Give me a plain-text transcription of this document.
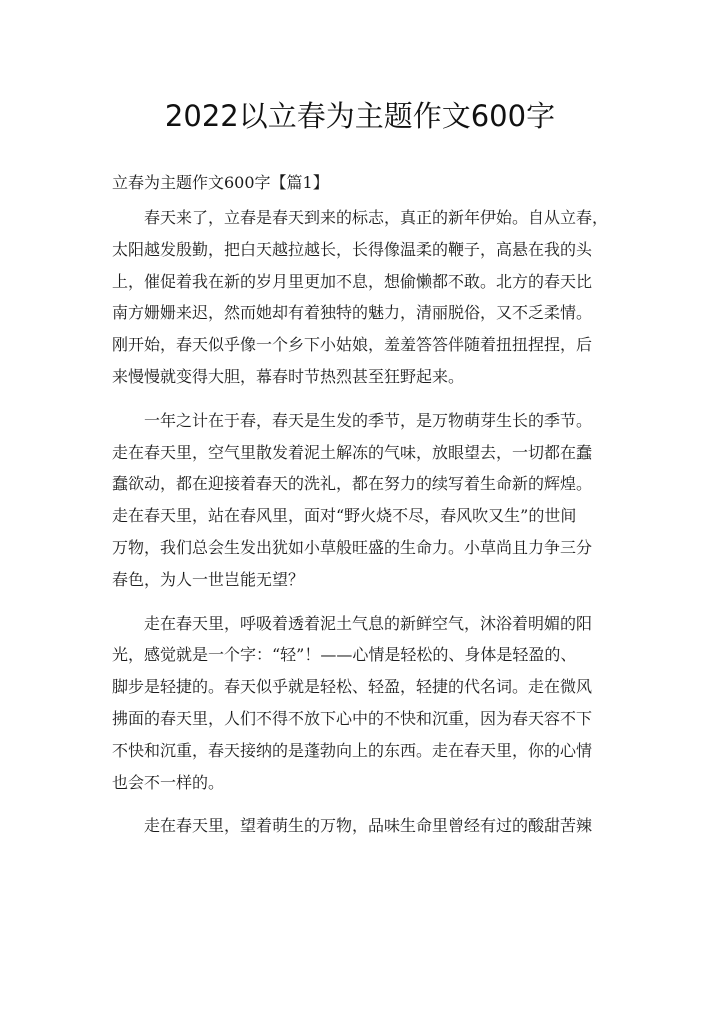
2022以立春为主题作文600字

立春为主题作文600字【篇1】

春天来了，立春是春天到来的标志，真正的新年伊始。自从立春，
太阳越发殷勤，把白天越拉越长，长得像温柔的鞭子，高悬在我的头
上，催促着我在新的岁月里更加不息，想偷懒都不敢。北方的春天比
南方姗姗来迟，然而她却有着独特的魅力，清丽脱俗，又不乏柔情。
刚开始，春天似乎像一个乡下小姑娘，羞羞答答伴随着扭扭捏捏，后
来慢慢就变得大胆，幕春时节热烈甚至狂野起来。
一年之计在于春，春天是生发的季节，是万物萌芽生长的季节。
走在春天里，空气里散发着泥土解冻的气味，放眼望去，一切都在蠢
蠢欲动，都在迎接着春天的洗礼，都在努力的续写着生命新的辉煌。
走在春天里，站在春风里，面对“野火烧不尽，春风吹又生”的世间
万物，我们总会生发出犹如小草般旺盛的生命力。小草尚且力争三分
春色，为人一世岂能无望？
走在春天里，呼吸着透着泥土气息的新鲜空气，沐浴着明媚的阳
光，感觉就是一个字：“轻”！——心情是轻松的、身体是轻盈的、
脚步是轻捷的。春天似乎就是轻松、轻盈，轻捷的代名词。走在微风
拂面的春天里，人们不得不放下心中的不快和沉重，因为春天容不下
不快和沉重，春天接纳的是蓬勃向上的东西。走在春天里，你的心情
也会不一样的。
走在春天里，望着萌生的万物，品味生命里曾经有过的酸甜苦辣
